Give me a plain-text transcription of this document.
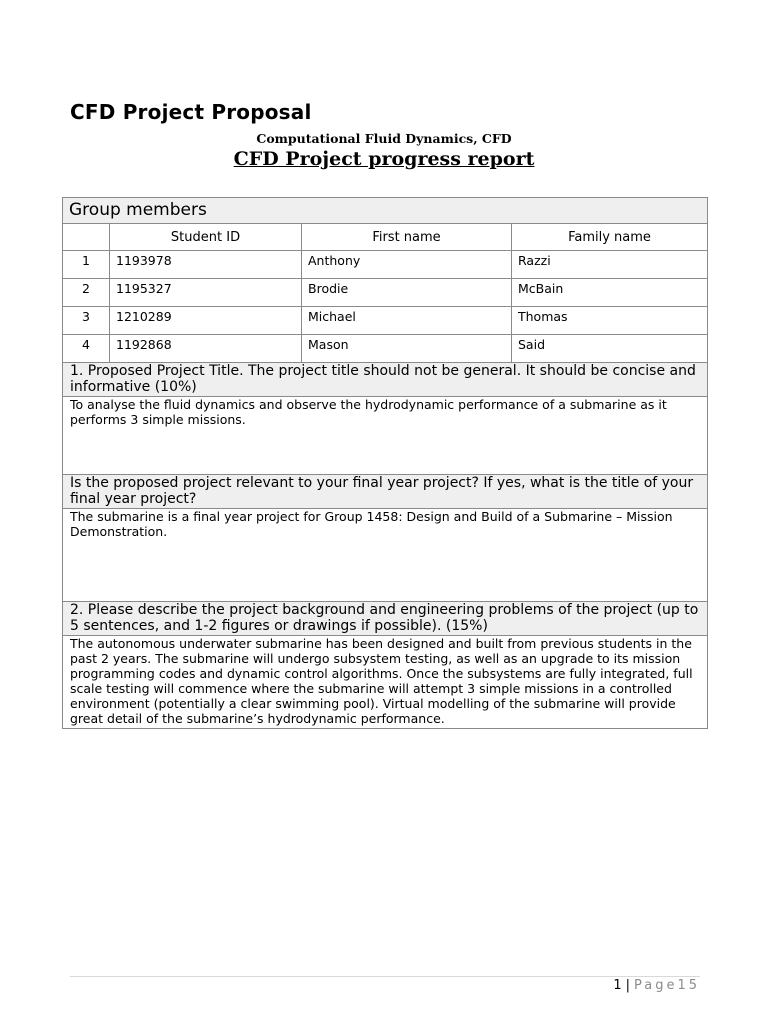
CFD Project Proposal
Computational Fluid Dynamics, CFD
CFD Project progress report
Group members			
	Student ID	First name	Family name
1	1193978	Anthony	Razzi
2	1195327	Brodie	McBain
3	1210289	Michael	Thomas
4	1192868	Mason	Said
1. Proposed Project Title. The project title should not be general. It should be concise and informative (10%)			
To analyse the fluid dynamics and observe the hydrodynamic performance of a submarine as it performs 3 simple missions.			
Is the proposed project relevant to your final year project? If yes, what is the title of your final year project?			
The submarine is a final year project for Group 1458: Design and Build of a Submarine – Mission Demonstration.			
2. Please describe the project background and engineering problems of the project (up to 5 sentences, and 1-2 figures or drawings if possible). (15%)			
The autonomous underwater submarine has been designed and built from previous students in the past 2 years. The submarine will undergo subsystem testing, as well as an upgrade to its mission programming codes and dynamic control algorithms. Once the subsystems are fully integrated, full scale testing will commence where the submarine will attempt 3 simple missions in a controlled environment (potentially a clear swimming pool). Virtual modelling of the submarine will provide great detail of the submarine’s hydrodynamic performance.			
1 | Page15
